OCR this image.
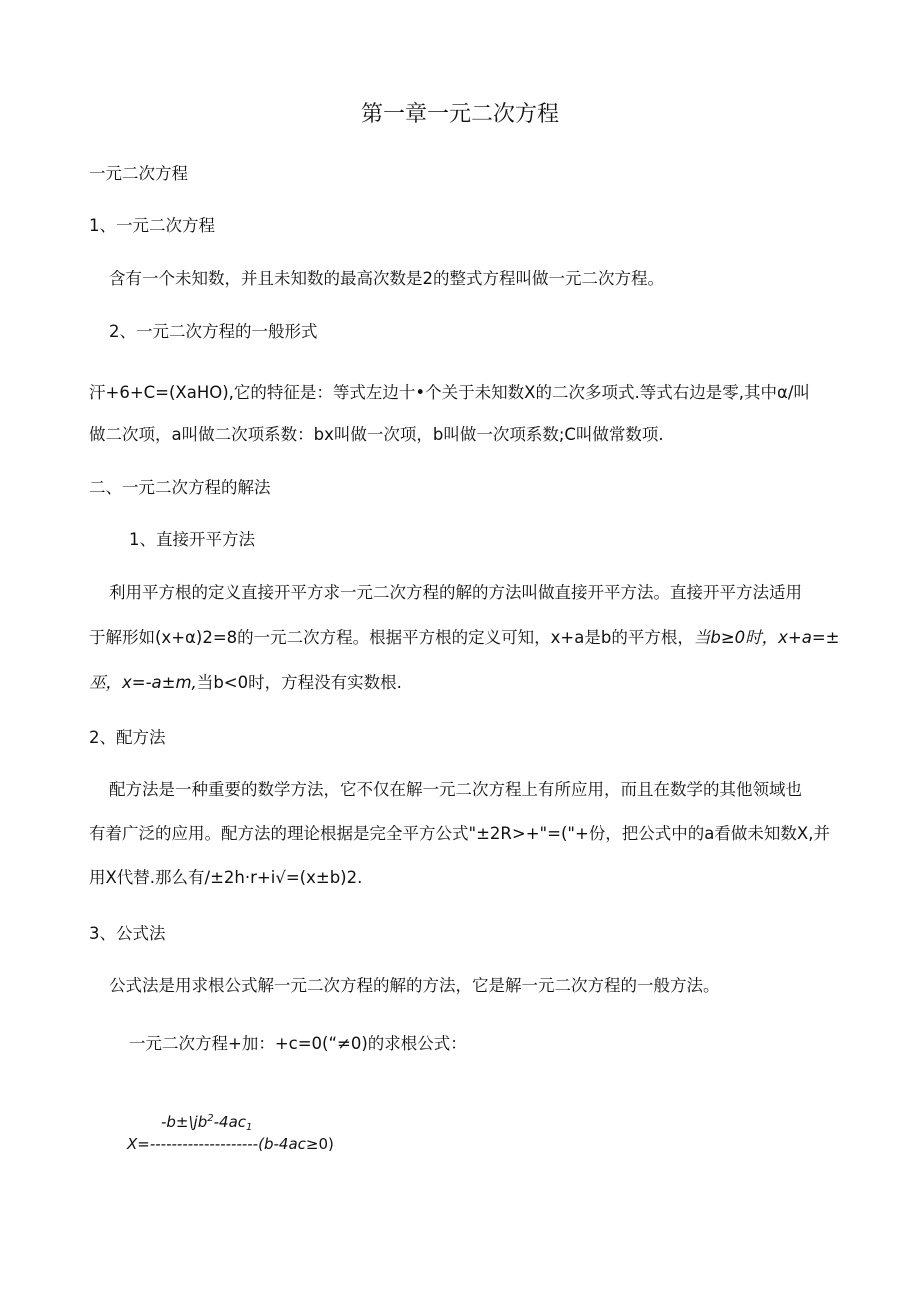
第一章一元二次方程
一元二次方程
1、一元二次方程
含有一个未知数，并且未知数的最高次数是2的整式方程叫做一元二次方程。
2、一元二次方程的一般形式
汗+6+C=(XaHO),它的特征是：等式左边十•个关于未知数X的二次多项式.等式右边是零,其中α/叫
做二次项，a叫做二次项系数：bx叫做一次项，b叫做一次项系数;C叫做常数项.
二、一元二次方程的解法
1、直接开平方法
利用平方根的定义直接开平方求一元二次方程的解的方法叫做直接开平方法。直接开平方法适用
于解形如(x+α)2=8的一元二次方程。根据平方根的定义可知，x+a是b的平方根，当b≥0时，x+a=±
巫，x=-a±m,当b<0时，方程没有实数根.
2、配方法
配方法是一种重要的数学方法，它不仅在解一元二次方程上有所应用，而且在数学的其他领域也
有着广泛的应用。配方法的理论根据是完全平方公式"±2R>+"=("+份，把公式中的a看做未知数X,并
用X代替.那么有/±2h·r+i√=(x±b)2.
3、公式法
公式法是用求根公式解一元二次方程的解的方法，它是解一元二次方程的一般方法。
一元二次方程+加：+c=0(“≠0)的求根公式：
$-b\pm\backslash jb^2-4ac_1$
X=--------------------(b-4ac≥0)
